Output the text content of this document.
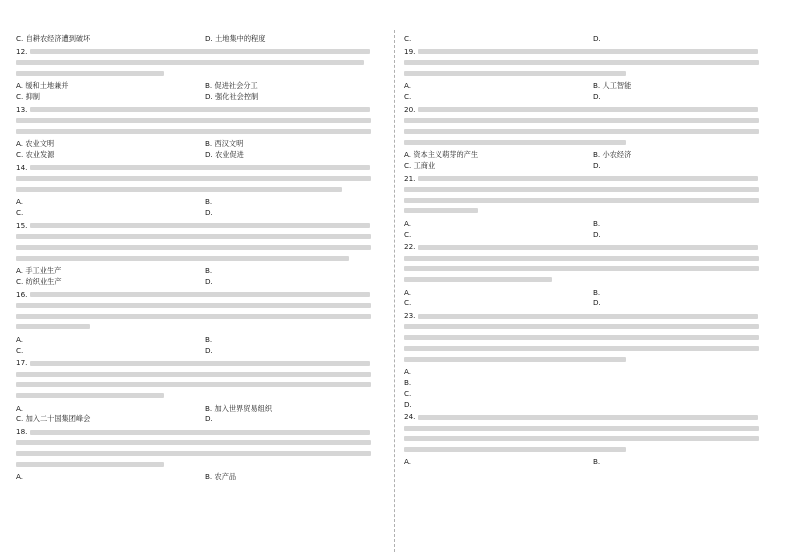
C. 自耕农经济遭到破坏	D. 土地集中的程度

12.

A. 缓和土地兼并	B. 促进社会分工
C. 抑制	D. 强化社会控制

13.

A. 农业文明	B. 西汉文明
C. 农业发源	D. 农业促进

14.

A.	B.
C.	D.

15.

A. 手工业生产	B.
C. 纺织业生产	D.

16.

A.	B.
C.	D.

17.

A.	B. 加入世界贸易组织
C. 加入二十国集团峰会	D.

18.

A.	B. 农产品
C.	D.

19.

A.	B. 人工智能
C.	D.

20.

A. 资本主义萌芽的产生	B. 小农经济
C. 工商业	D.

21.

A.	B.
C.	D.

22.

A.	B.
C.	D.

23.

A.
B.
C.
D.

24.

A.	B.
